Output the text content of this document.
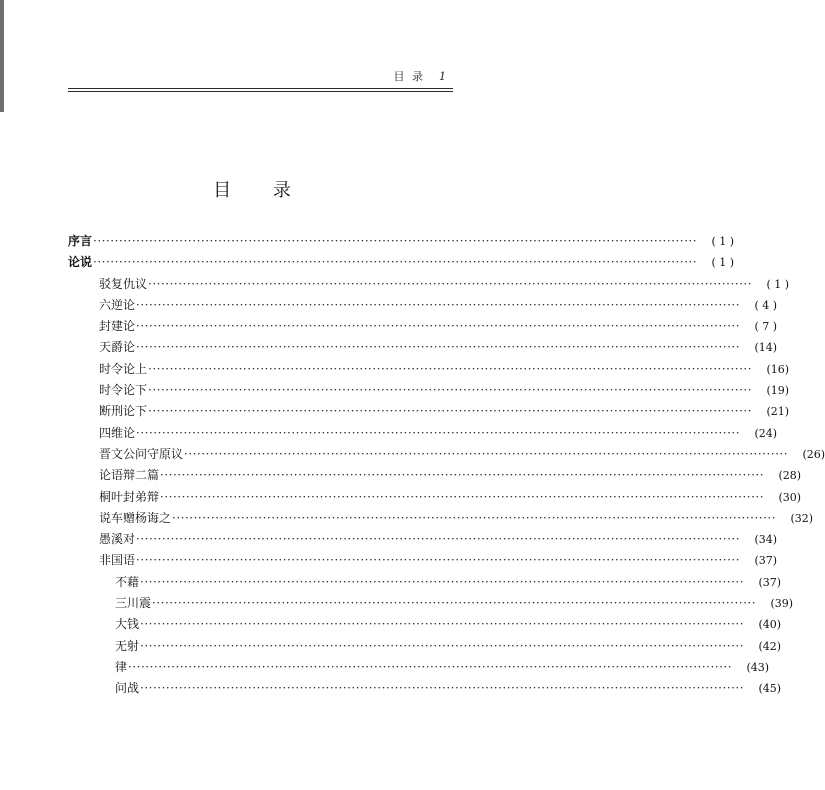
目 录 1
目 录
序言 ············································································································································	( 1 )
论说 ············································································································································	( 1 )
驳复仇议 ············································································································································	( 1 )
六逆论 ············································································································································	( 4 )
封建论 ············································································································································	( 7 )
天爵论 ············································································································································	(14)
时令论上 ············································································································································	(16)
时令论下 ············································································································································	(19)
断刑论下 ············································································································································	(21)
四维论 ············································································································································	(24)
晋文公问守原议 ············································································································································	(26)
论语辩二篇 ············································································································································	(28)
桐叶封弟辩 ············································································································································	(30)
说车赠杨诲之 ············································································································································	(32)
愚溪对 ············································································································································	(34)
非国语 ············································································································································	(37)
不藉 ············································································································································	(37)
三川震 ············································································································································	(39)
大钱 ············································································································································	(40)
无射 ············································································································································	(42)
律 ············································································································································	(43)
问战 ············································································································································	(45)
